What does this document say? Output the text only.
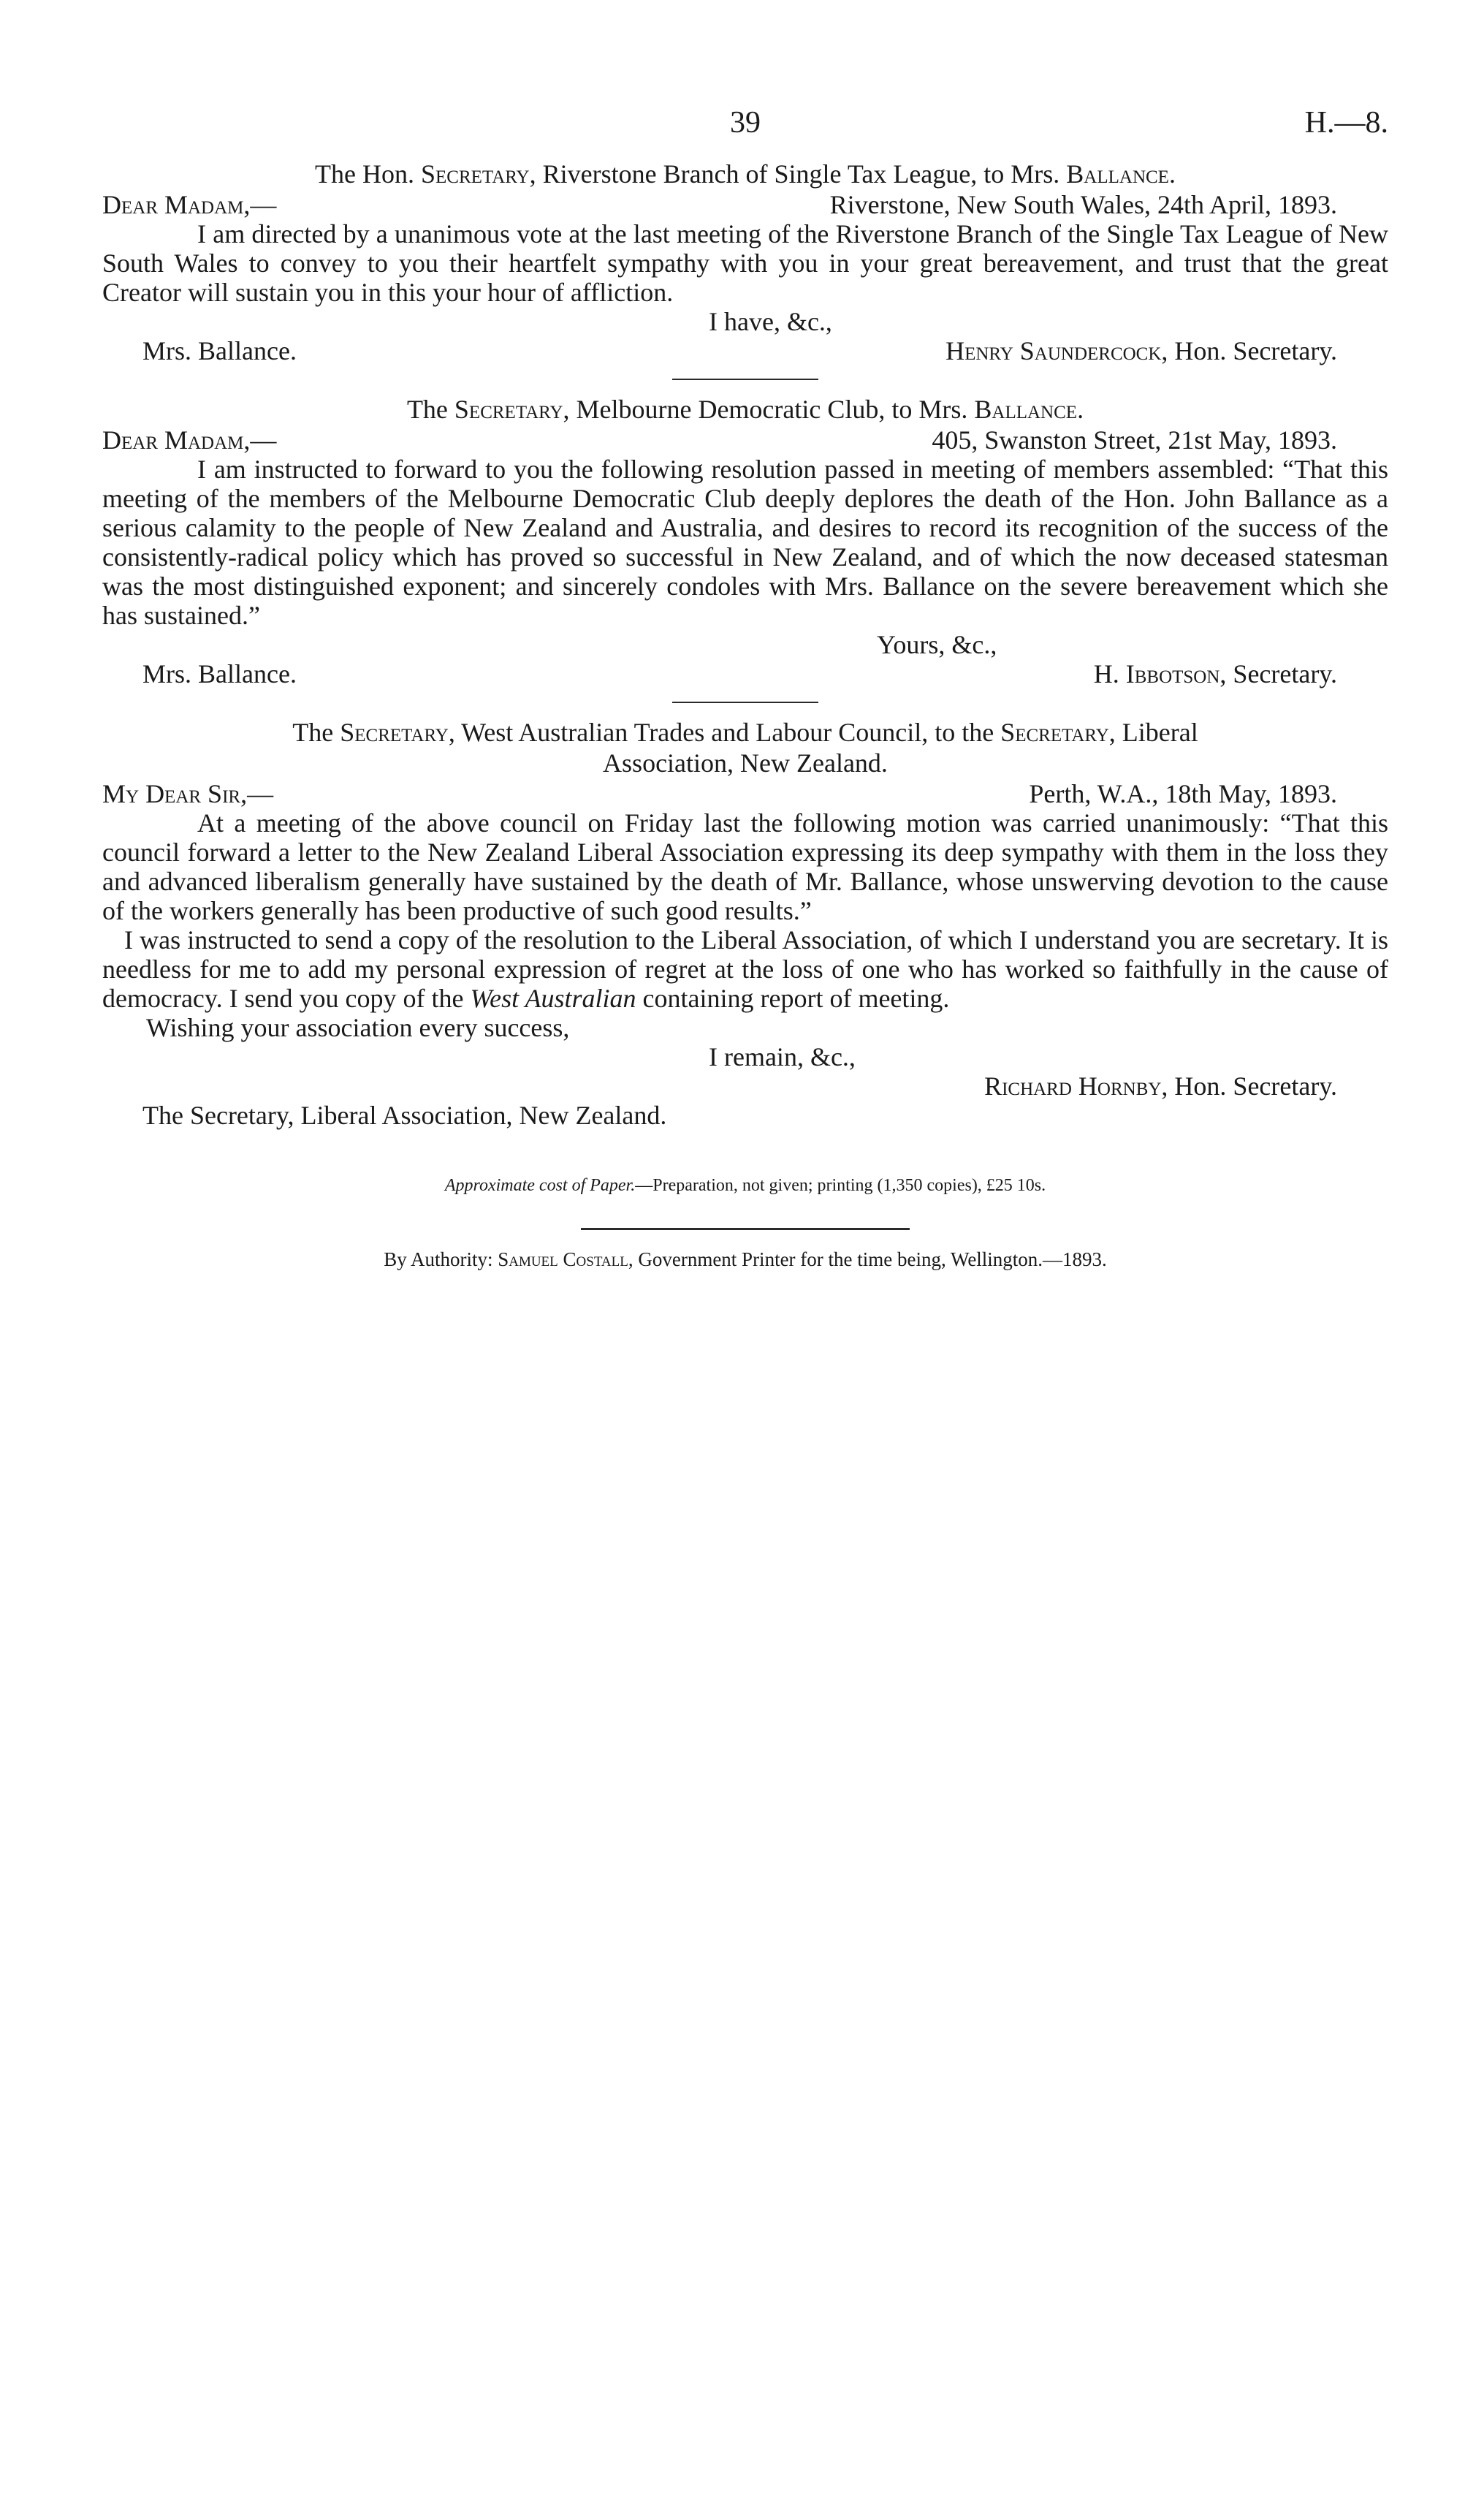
39	H.—8.
The Hon. Secretary, Riverstone Branch of Single Tax League, to Mrs. Ballance.
Dear Madam,—	Riverstone, New South Wales, 24th April, 1893.

I am directed by a unanimous vote at the last meeting of the Riverstone Branch of the Single Tax League of New South Wales to convey to you their heartfelt sympathy with you in your great bereavement, and trust that the great Creator will sustain you in this your hour of affliction.

I have, &c.,
Mrs. Ballance.	Henry Saundercock, Hon. Secretary.
The Secretary, Melbourne Democratic Club, to Mrs. Ballance.
Dear Madam,—	405, Swanston Street, 21st May, 1893.

I am instructed to forward to you the following resolution passed in meeting of members assembled: “That this meeting of the members of the Melbourne Democratic Club deeply deplores the death of the Hon. John Ballance as a serious calamity to the people of New Zealand and Australia, and desires to record its recognition of the success of the consistently-radical policy which has proved so successful in New Zealand, and of which the now deceased statesman was the most distinguished exponent; and sincerely condoles with Mrs. Ballance on the severe bereavement which she has sustained.”

Yours, &c.,
Mrs. Ballance.	H. Ibbotson, Secretary.
The Secretary, West Australian Trades and Labour Council, to the Secretary, Liberal
Association, New Zealand.
My Dear Sir,—	Perth, W.A., 18th May, 1893.

At a meeting of the above council on Friday last the following motion was carried unanimously: “That this council forward a letter to the New Zealand Liberal Association expressing its deep sympathy with them in the loss they and advanced liberalism generally have sustained by the death of Mr. Ballance, whose unswerving devotion to the cause of the workers generally has been productive of such good results.”

I was instructed to send a copy of the resolution to the Liberal Association, of which I understand you are secretary. It is needless for me to add my personal expression of regret at the loss of one who has worked so faithfully in the cause of democracy. I send you copy of the West Australian containing report of meeting.

Wishing your association every success,
I remain, &c.,
Richard Hornby, Hon. Secretary.
The Secretary, Liberal Association, New Zealand.
Approximate cost of Paper.—Preparation, not given; printing (1,350 copies), £25 10s.
By Authority: Samuel Costall, Government Printer for the time being, Wellington.—1893.
